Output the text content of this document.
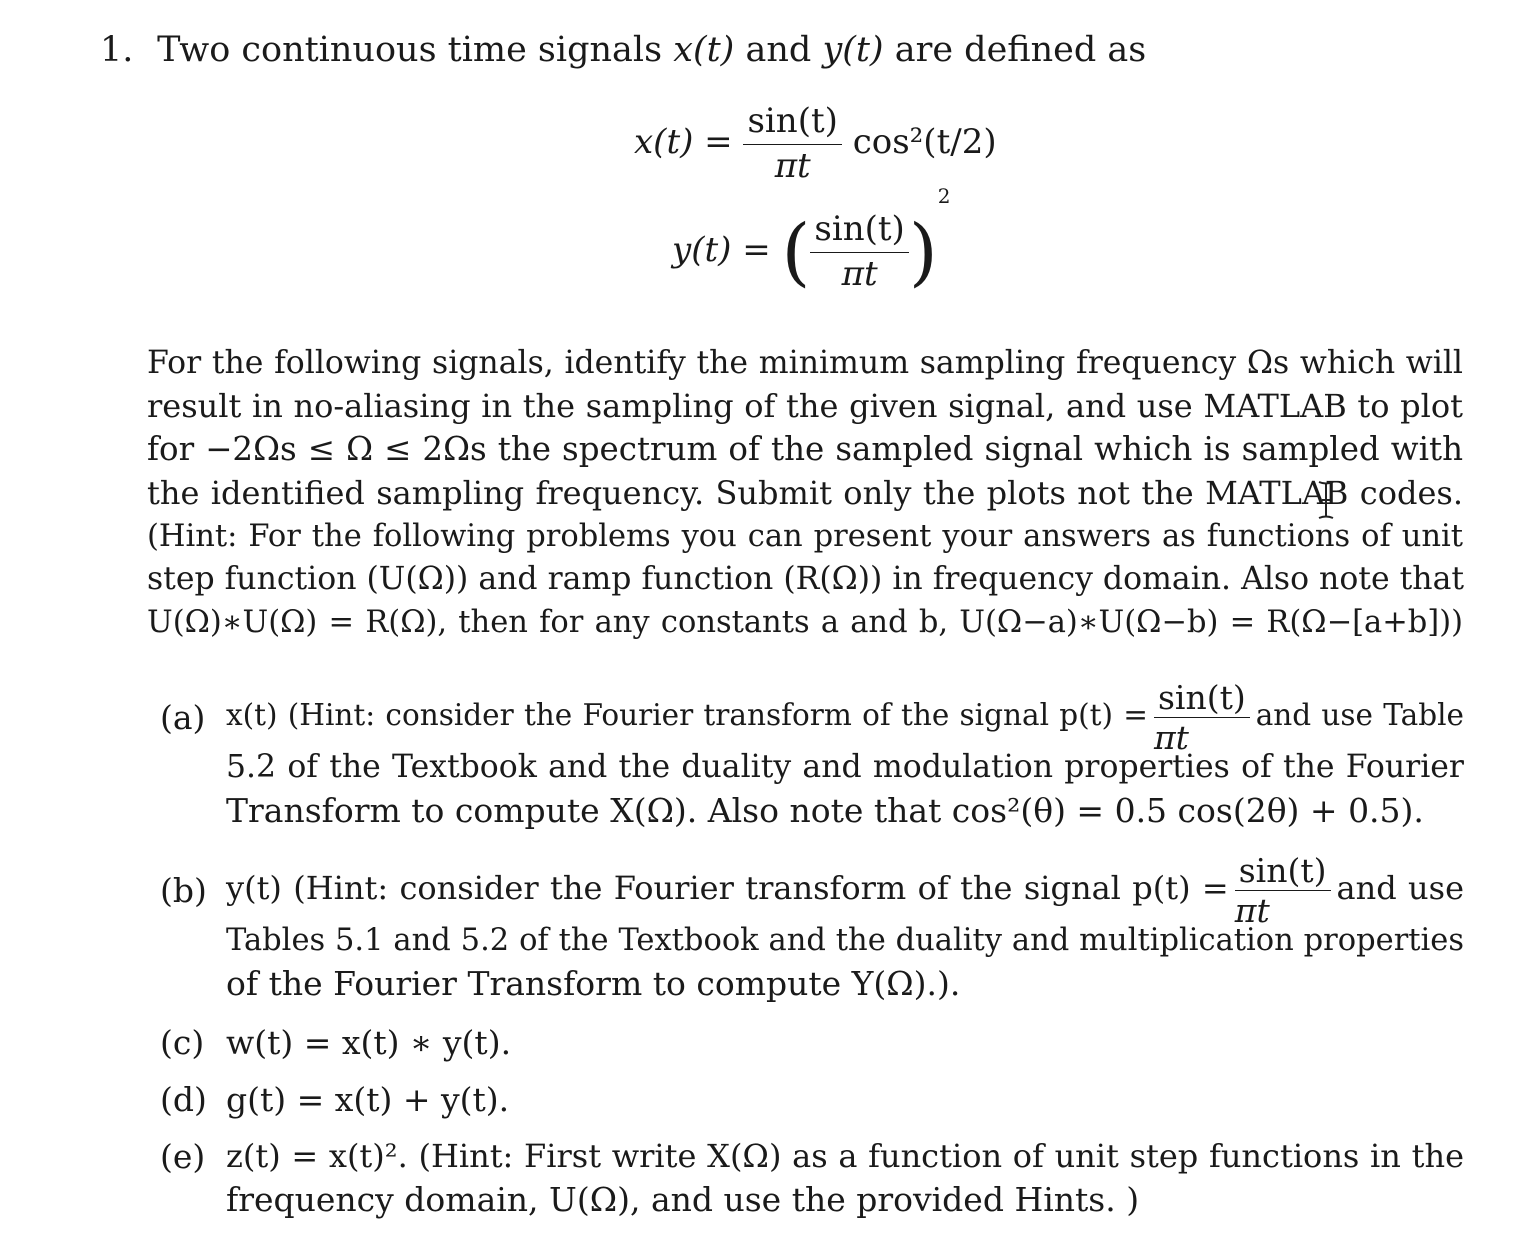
1. Two continuous time signals x(t) and y(t) are defined as
$x(t) = \frac{\sin(t)}{\pi t} \cos^2(t/2)$
y(t) = ( $\frac{\sin(t)}{\pi t} )^2$
For the following signals, identify the minimum sampling frequency Ωs which will
result in no-aliasing in the sampling of the given signal, and use MATLAB to plot
for −2Ωs ≤ Ω ≤ 2Ωs the spectrum of the sampled signal which is sampled with
the identified sampling frequency. Submit only the plots not the MATLAB codes.
(Hint: For the following problems you can present your answers as functions of unit
step function (U(Ω)) and ramp function (R(Ω)) in frequency domain. Also note that
U(Ω)∗U(Ω) = R(Ω), then for any constants a and b, U(Ω−a)∗U(Ω−b) = R(Ω−[a+b]))
(a) x(t) (Hint: consider the Fourier transform of the signal $p(t) = \frac{\sin(t)}{\pi t}$ and use Table
5.2 of the Textbook and the duality and modulation properties of the Fourier
Transform to compute X(Ω). Also note that cos²(θ) = 0.5 cos(2θ) + 0.5).
(b) y(t) (Hint: consider the Fourier transform of the signal $p(t) = \frac{\sin(t)}{\pi t}$ and use
Tables 5.1 and 5.2 of the Textbook and the duality and multiplication properties
of the Fourier Transform to compute Y(Ω).).
(c) w(t) = x(t) ∗ y(t).
(d) g(t) = x(t) + y(t).
(e) z(t) = x(t)². (Hint: First write X(Ω) as a function of unit step functions in the
frequency domain, U(Ω), and use the provided Hints. )
